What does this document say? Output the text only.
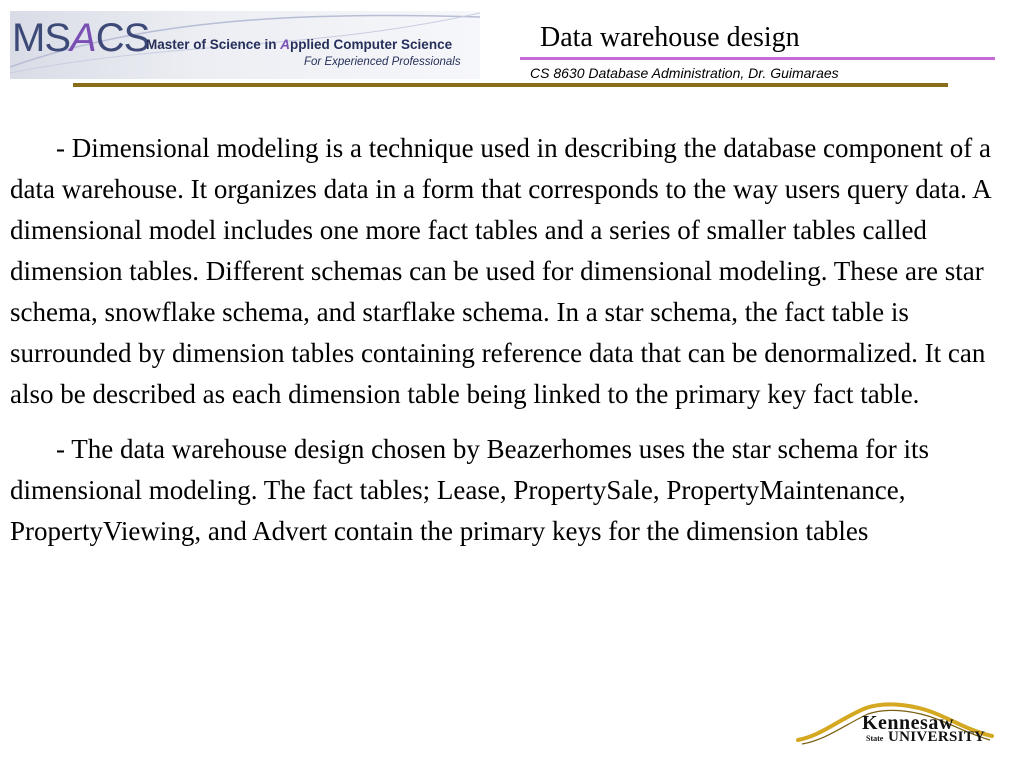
MSACS
Master of Science in Applied Computer Science
For Experienced Professionals
Data warehouse design
CS 8630 Database Administration, Dr. Guimaraes

- Dimensional modeling is a technique used in describing the database component of a data warehouse. It organizes data in a form that corresponds to the way users query data. A dimensional model includes one more fact tables and a series of smaller tables called dimension tables. Different schemas can be used for dimensional modeling. These are star schema, snowflake schema, and starflake schema. In a star schema, the fact table is surrounded by dimension tables containing reference data that can be denormalized. It can also be described as each dimension table being linked to the primary key fact table.

- The data warehouse design chosen by Beazerhomes uses the star schema for its dimensional modeling. The fact tables; Lease, PropertySale, PropertyMaintenance, PropertyViewing, and Advert contain the primary keys for the dimension tables

Kennesaw
State UNIVERSITY
